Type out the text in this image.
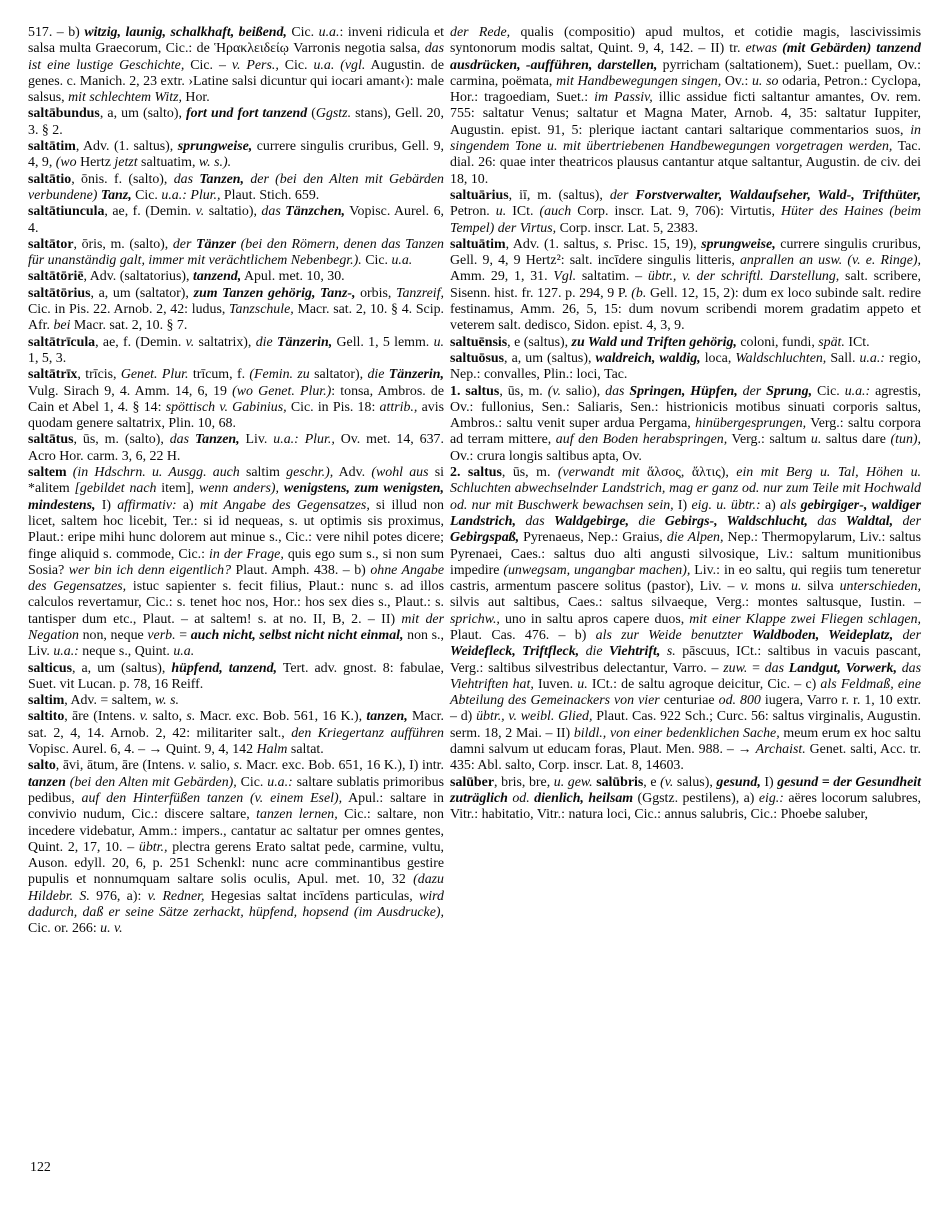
517. – b) witzig, launig, schalkhaft, beißend, Cic. u.a.: inveni ridicula et salsa multa Graecorum, Cic.: de Ἡρακλειδείῳ Varronis negotia salsa, das ist eine lustige Geschichte, Cic. – v. Pers., Cic. u.a. (vgl. Augustin. de genes. c. Manich. 2, 23 extr. ›Latine salsi dicuntur qui iocari amant‹): male salsus, mit schlechtem Witz, Hor.

saltābundus, a, um (salto), fort und fort tanzend (Ggstz. stans), Gell. 20, 3. § 2.

saltātim, Adv. (1. saltus), sprungweise, currere singulis cruribus, Gell. 9, 4, 9, (wo Hertz jetzt saltuatim, w. s.).

saltātio, ōnis. f. (salto), das Tanzen, der (bei den Alten mit Gebärden verbundene) Tanz, Cic. u.a.: Plur., Plaut. Stich. 659.

saltātiuncula, ae, f. (Demin. v. saltatio), das Tänzchen, Vopisc. Aurel. 6, 4.

saltātor, ōris, m. (salto), der Tänzer (bei den Römern, denen das Tanzen für unanständig galt, immer mit verächtlichem Nebenbegr.). Cic. u.a.

saltātōriē, Adv. (saltatorius), tanzend, Apul. met. 10, 30.

saltātōrius, a, um (saltator), zum Tanzen gehörig, Tanz-, orbis, Tanzreif, Cic. in Pis. 22. Arnob. 2, 42: ludus, Tanzschule, Macr. sat. 2, 10. § 4. Scip. Afr. bei Macr. sat. 2, 10. § 7.

saltātrīcula, ae, f. (Demin. v. saltatrix), die Tänzerin, Gell. 1, 5 lemm. u. 1, 5, 3.

saltātrīx, trīcis, Genet. Plur. trīcum, f. (Femin. zu saltator), die Tänzerin, Vulg. Sirach 9, 4. Amm. 14, 6, 19 (wo Genet. Plur.): tonsa, Ambros. de Cain et Abel 1, 4. § 14: spöttisch v. Gabinius, Cic. in Pis. 18: attrib., avis quodam genere saltatrix, Plin. 10, 68.

saltātus, ūs, m. (salto), das Tanzen, Liv. u.a.: Plur., Ov. met. 14, 637. Acro Hor. carm. 3, 6, 22 H.

saltem (in Hdschrn. u. Ausgg. auch saltim geschr.), Adv. (wohl aus si *alitem [gebildet nach item], wenn anders), wenigstens, zum wenigsten, mindestens, I) affirmativ: a) mit Angabe des Gegensatzes, si illud non licet, saltem hoc licebit, Ter.: si id nequeas, s. ut optimis sis proximus, Plaut.: eripe mihi hunc dolorem aut minue s., Cic.: vere nihil potes dicere; finge aliquid s. commode, Cic.: in der Frage, quis ego sum s., si non sum Sosia? wer bin ich denn eigentlich? Plaut. Amph. 438. – b) ohne Angabe des Gegensatzes, istuc sapienter s. fecit filius, Plaut.: nunc s. ad illos calculos revertamur, Cic.: s. tenet hoc nos, Hor.: hos sex dies s., Plaut.: s. tantisper dum etc., Plaut. – at saltem! s. at no. II, B, 2. – II) mit der Negation non, neque verb. = auch nicht, selbst nicht nicht einmal, non s., Liv. u.a.: neque s., Quint. u.a.

salticus, a, um (saltus), hüpfend, tanzend, Tert. adv. gnost. 8: fabulae, Suet. vit Lucan. p. 78, 16 Reiff.

saltim, Adv. = saltem, w. s.

saltito, āre (Intens. v. salto, s. Macr. exc. Bob. 561, 16 K.), tanzen, Macr. sat. 2, 4, 14. Arnob. 2, 42: militariter salt., den Kriegertanz aufführen Vopisc. Aurel. 6, 4. – → Quint. 9, 4, 142 Halm saltat.

salto, āvi, ātum, āre (Intens. v. salio, s. Macr. exc. Bob. 651, 16 K.), I) intr. tanzen (bei den Alten mit Gebärden), Cic. u.a.: saltare sublatis primoribus pedibus, auf den Hinterfüßen tanzen (v. einem Esel), Apul.: saltare in convivio nudum, Cic.: discere saltare, tanzen lernen, Cic.: saltare, non incedere videbatur, Amm.: impers., cantatur ac saltatur per omnes gentes, Quint. 2, 17, 10. – übtr., plectra gerens Erato saltat pede, carmine, vultu, Auson. edyll. 20, 6, p. 251 Schenkl: nunc acre comminantibus gestire pupulis et nonnumquam saltare solis oculis, Apul. met. 10, 32 (dazu Hildebr. S. 976, a): v. Redner, Hegesias saltat incīdens particulas, wird dadurch, daß er seine Sätze zerhackt, hüpfend, hopsend (im Ausdrucke), Cic. or. 266: u. v.

der Rede, qualis (compositio) apud multos, et cotidie magis, lascivissimis syntonorum modis saltat, Quint. 9, 4, 142. – II) tr. etwas (mit Gebärden) tanzend ausdrücken, -aufführen, darstellen, pyrricham (saltationem), Suet.: puellam, Ov.: carmina, poëmata, mit Handbewegungen singen, Ov.: u. so odaria, Petron.: Cyclopa, Hor.: tragoediam, Suet.: im Passiv, illic assidue ficti saltantur amantes, Ov. rem. 755: saltatur Venus; saltatur et Magna Mater, Arnob. 4, 35: saltatur Iuppiter, Augustin. epist. 91, 5: plerique iactant cantari saltarique commentarios suos, in singendem Tone u. mit übertriebenen Handbewegungen vorgetragen werden, Tac. dial. 26: quae inter theatricos plausus cantantur atque saltantur, Augustin. de civ. dei 18, 10.

saltuārius, iī, m. (saltus), der Forstverwalter, Waldaufseher, Wald-, Trifthüter, Petron. u. ICt. (auch Corp. inscr. Lat. 9, 706): Virtutis, Hüter des Haines (beim Tempel) der Virtus, Corp. inscr. Lat. 5, 2383.

saltuātim, Adv. (1. saltus, s. Prisc. 15, 19), sprungweise, currere singulis cruribus, Gell. 9, 4, 9 Hertz²: salt. incīdere singulis litteris, anprallen an usw. (v. e. Ringe), Amm. 29, 1, 31. Vgl. saltatim. – übtr., v. der schriftl. Darstellung, salt. scribere, Sisenn. hist. fr. 127. p. 294, 9 P. (b. Gell. 12, 15, 2): dum ex loco subinde salt. redire festinamus, Amm. 26, 5, 15: dum novum scribendi morem gradatim appeto et veterem salt. dedisco, Sidon. epist. 4, 3, 9.

saltuēnsis, e (saltus), zu Wald und Triften gehörig, coloni, fundi, spät. ICt.

saltuōsus, a, um (saltus), waldreich, waldig, loca, Waldschluchten, Sall. u.a.: regio, Nep.: convalles, Plin.: loci, Tac.

1. saltus, ūs, m. (v. salio), das Springen, Hüpfen, der Sprung, Cic. u.a.: agrestis, Ov.: fullonius, Sen.: Saliaris, Sen.: histrionicis motibus sinuati corporis saltus, Ambros.: saltu venit super ardua Pergama, hinübergesprungen, Verg.: saltu corpora ad terram mittere, auf den Boden herabspringen, Verg.: saltum u. saltus dare (tun), Ov.: crura longis saltibus apta, Ov.

2. saltus, ūs, m. (verwandt mit ἄλσος, ἄλτις), ein mit Berg u. Tal, Höhen u. Schluchten abwechselnder Landstrich, mag er ganz od. nur zum Teile mit Hochwald od. nur mit Buschwerk bewachsen sein, I) eig. u. übtr.: a) als gebirgiger-, waldiger Landstrich, das Waldgebirge, die Gebirgs-, Waldschlucht, das Waldtal, der Gebirgspaß, Pyrenaeus, Nep.: Graius, die Alpen, Nep.: Thermopylarum, Liv.: saltus Pyrenaei, Caes.: saltus duo alti angusti silvosique, Liv.: saltum munitionibus impedire (unwegsam, ungangbar machen), Liv.: in eo saltu, qui regiis tum teneretur castris, armentum pascere solitus (pastor), Liv. – v. mons u. silva unterschieden, silvis aut saltibus, Caes.: saltus silvaeque, Verg.: montes saltusque, Iustin. – sprichw., uno in saltu apros capere duos, mit einer Klappe zwei Fliegen schlagen, Plaut. Cas. 476. – b) als zur Weide benutzter Waldboden, Weideplatz, der Weidefleck, Triftfleck, die Viehtrift, s. pāscuus, ICt.: saltibus in vacuis pascant, Verg.: saltibus silvestribus delectantur, Varro. – zuw. = das Landgut, Vorwerk, das Viehtriften hat, Iuven. u. ICt.: de saltu agroque deicitur, Cic. – c) als Feldmaß, eine Abteilung des Gemeinackers von vier centuriae od. 800 iugera, Varro r. r. 1, 10 extr. – d) übtr., v. weibl. Glied, Plaut. Cas. 922 Sch.; Curc. 56: saltus virginalis, Augustin. serm. 18, 2 Mai. – II) bildl., von einer bedenklichen Sache, meum erum ex hoc saltu damni salvum ut educam foras, Plaut. Men. 988. – → Archaist. Genet. salti, Acc. tr. 435: Abl. salto, Corp. inscr. Lat. 8, 14603.

salūber, bris, bre, u. gew. salūbris, e (v. salus), gesund, I) gesund = der Gesundheit zuträglich od. dienlich, heilsam (Ggstz. pestilens), a) eig.: aëres locorum salubres, Vitr.: habitatio, Vitr.: natura loci, Cic.: annus salubris, Cic.: Phoebe saluber,

122
